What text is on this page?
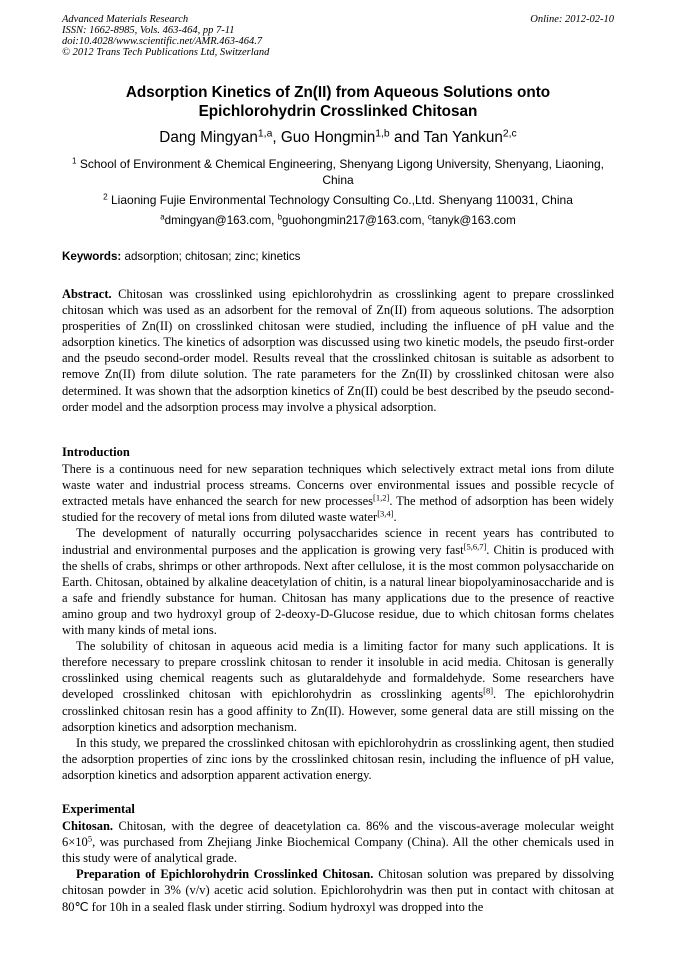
Advanced Materials Research
ISSN: 1662-8985, Vols. 463-464, pp 7-11
doi:10.4028/www.scientific.net/AMR.463-464.7
© 2012 Trans Tech Publications Ltd, Switzerland
Online: 2012-02-10
Adsorption Kinetics of Zn(II) from Aqueous Solutions onto
Epichlorohydrin Crosslinked Chitosan
Dang Mingyan$^{1,a}$, Guo Hongmin$^{1,b}$ and Tan Yankun$^{2,c}$
$^1$ School of Environment & Chemical Engineering, Shenyang Ligong University, Shenyang, Liaoning, China
$^2$ Liaoning Fujie Environmental Technology Consulting Co.,Ltd. Shenyang 110031, China
$^a$dmingyan@163.com, $^b$guohongmin217@163.com, $^c$tanyk@163.com
Keywords: adsorption; chitosan; zinc; kinetics

Abstract. Chitosan was crosslinked using epichlorohydrin as crosslinking agent to prepare crosslinked chitosan which was used as an adsorbent for the removal of Zn(II) from aqueous solutions. The adsorption prosperities of Zn(II) on crosslinked chitosan were studied, including the influence of pH value and the adsorption kinetics. The kinetics of adsorption was discussed using two kinetic models, the pseudo first-order and the pseudo second-order model. Results reveal that the crosslinked chitosan is suitable as adsorbent to remove Zn(II) from dilute solution. The rate parameters for the Zn(II) by crosslinked chitosan were also determined. It was shown that the adsorption kinetics of Zn(II) could be best described by the pseudo second-order model and the adsorption process may involve a physical adsorption.

Introduction

There is a continuous need for new separation techniques which selectively extract metal ions from dilute waste water and industrial process streams. Concerns over environmental issues and possible recycle of extracted metals have enhanced the search for new processes[1,2]. The method of adsorption has been widely studied for the recovery of metal ions from diluted waste water[3,4].

The development of naturally occurring polysaccharides science in recent years has contributed to industrial and environmental purposes and the application is growing very fast[5,6,7]. Chitin is produced with the shells of crabs, shrimps or other arthropods. Next after cellulose, it is the most common polysaccharide on Earth. Chitosan, obtained by alkaline deacetylation of chitin, is a natural linear biopolyaminosaccharide and is a safe and friendly substance for human. Chitosan has many applications due to the presence of reactive amino group and two hydroxyl group of 2-deoxy-D-Glucose residue, due to which chitosan forms chelates with many kinds of metal ions.

The solubility of chitosan in aqueous acid media is a limiting factor for many such applications. It is therefore necessary to prepare crosslink chitosan to render it insoluble in acid media. Chitosan is generally crosslinked using chemical reagents such as glutaraldehyde and formaldehyde. Some researchers have developed crosslinked chitosan with epichlorohydrin as crosslinking agents[8]. The epichlorohydrin crosslinked chitosan resin has a good affinity to Zn(II). However, some general data are still missing on the adsorption kinetics and adsorption mechanism.

In this study, we prepared the crosslinked chitosan with epichlorohydrin as crosslinking agent, then studied the adsorption properties of zinc ions by the crosslinked chitosan resin, including the influence of pH value, adsorption kinetics and adsorption apparent activation energy.

Experimental

Chitosan. Chitosan, with the degree of deacetylation ca. 86% and the viscous-average molecular weight $6\times 10^5$, was purchased from Zhejiang Jinke Biochemical Company (China). All the other chemicals used in this study were of analytical grade.

Preparation of Epichlorohydrin Crosslinked Chitosan. Chitosan solution was prepared by dissolving chitosan powder in 3% (v/v) acetic acid solution. Epichlorohydrin was then put in contact with chitosan at 80℃ for 10h in a sealed flask under stirring. Sodium hydroxyl was dropped into the
